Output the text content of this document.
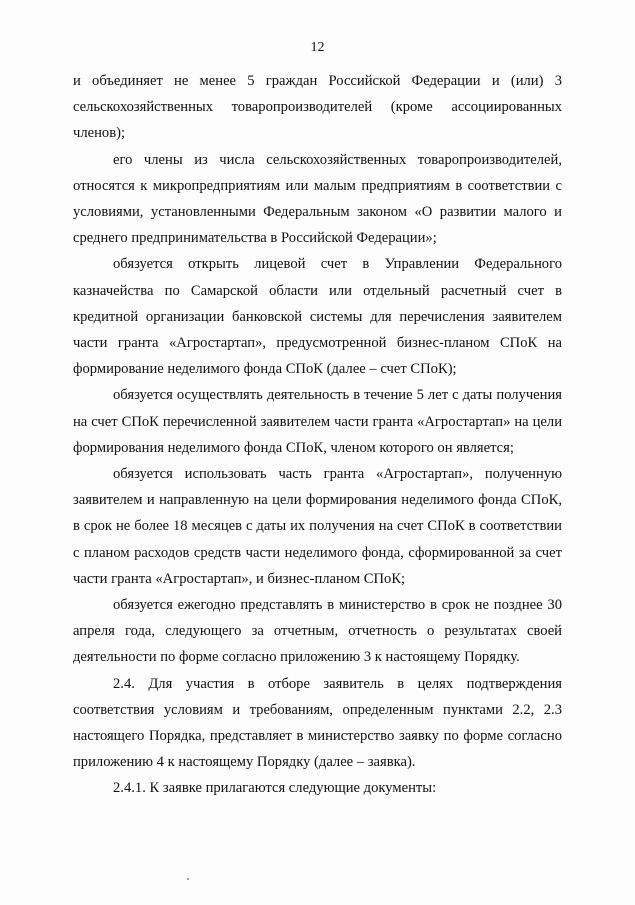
12

и объединяет не менее 5 граждан Российской Федерации и (или) 3 сельскохозяйственных товаропроизводителей (кроме ассоциированных членов);

его члены из числа сельскохозяйственных товаропроизводителей, относятся к микропредприятиям или малым предприятиям в соответствии с условиями, установленными Федеральным законом «О развитии малого и среднего предпринимательства в Российской Федерации»;

обязуется открыть лицевой счет в Управлении Федерального казначейства по Самарской области или отдельный расчетный счет в кредитной организации банковской системы для перечисления заявителем части гранта «Агростартап», предусмотренной бизнес-планом СПоК на формирование неделимого фонда СПоК (далее – счет СПоК);

обязуется осуществлять деятельность в течение 5 лет с даты получения на счет СПоК перечисленной заявителем части гранта «Агростартап» на цели формирования неделимого фонда СПоК, членом которого он является;

обязуется использовать часть гранта «Агростартап», полученную заявителем и направленную на цели формирования неделимого фонда СПоК, в срок не более 18 месяцев с даты их получения на счет СПоК в соответствии с планом расходов средств части неделимого фонда, сформированной за счет части гранта «Агростартап», и бизнес-планом СПоК;

обязуется ежегодно представлять в министерство в срок не позднее 30 апреля года, следующего за отчетным, отчетность о результатах своей деятельности по форме согласно приложению 3 к настоящему Порядку.

2.4. Для участия в отборе заявитель в целях подтверждения соответствия условиям и требованиям, определенным пунктами 2.2, 2.3 настоящего Порядка, представляет в министерство заявку по форме согласно приложению 4 к настоящему Порядку (далее – заявка).

2.4.1. К заявке прилагаются следующие документы:
